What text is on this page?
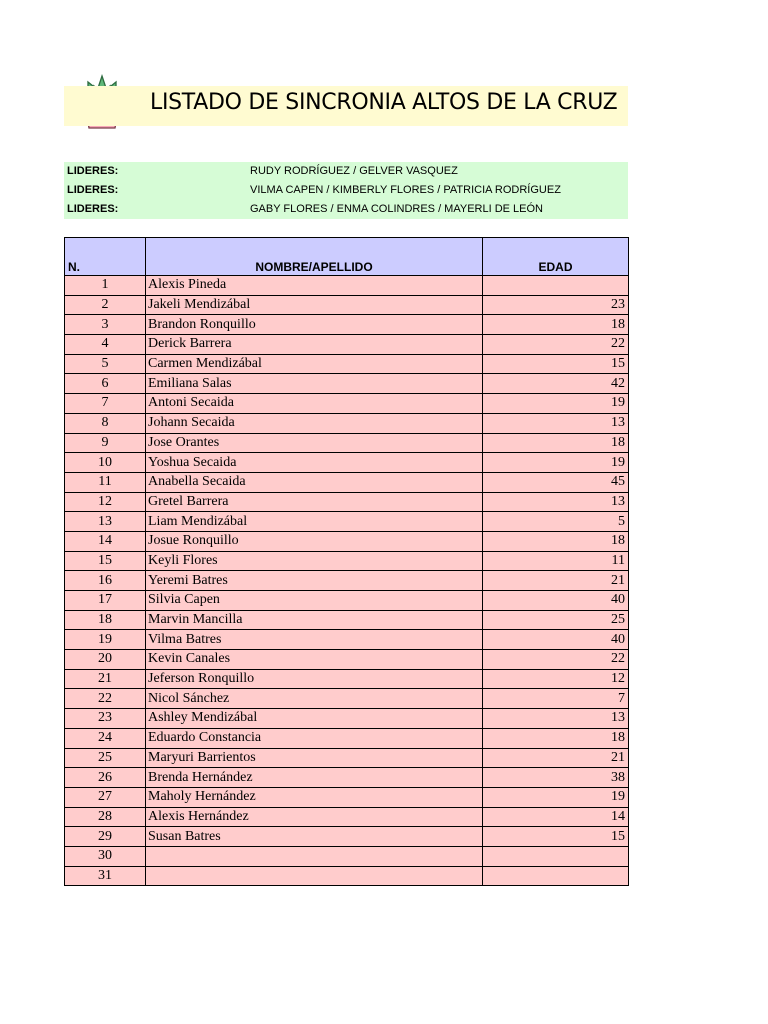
LISTADO DE SINCRONIA ALTOS DE LA CRUZ
LIDERES:	RUDY RODRÍGUEZ / GELVER VASQUEZ
LIDERES:	VILMA CAPEN / KIMBERLY FLORES / PATRICIA RODRÍGUEZ
LIDERES:	GABY FLORES / ENMA COLINDRES / MAYERLI DE LEÓN
N.	NOMBRE/APELLIDO	EDAD
1	Alexis Pineda	
2	Jakeli Mendizábal	23
3	Brandon Ronquillo	18
4	Derick Barrera	22
5	Carmen Mendizábal	15
6	Emiliana Salas	42
7	Antoni Secaida	19
8	Johann Secaida	13
9	Jose Orantes	18
10	Yoshua Secaida	19
11	Anabella Secaida	45
12	Gretel Barrera	13
13	Liam Mendizábal	5
14	Josue Ronquillo	18
15	Keyli Flores	11
16	Yeremi Batres	21
17	Silvia Capen	40
18	Marvin Mancilla	25
19	Vilma Batres	40
20	Kevin Canales	22
21	Jeferson Ronquillo	12
22	Nicol Sánchez	7
23	Ashley Mendizábal	13
24	Eduardo Constancia	18
25	Maryuri Barrientos	21
26	Brenda Hernández	38
27	Maholy Hernández	19
28	Alexis Hernández	14
29	Susan Batres	15
30		
31		
